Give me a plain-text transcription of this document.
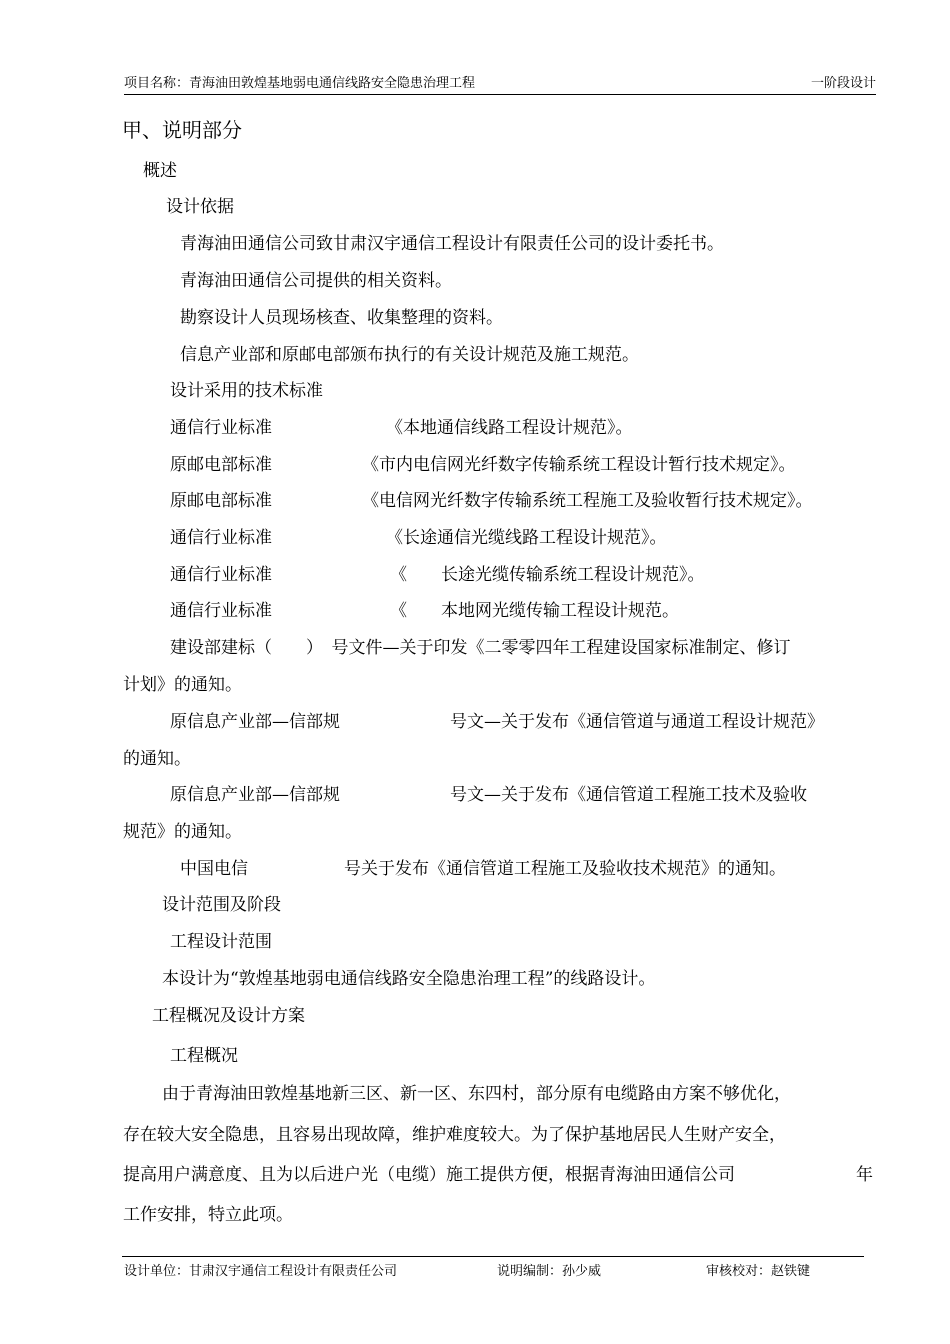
项目名称：青海油田敦煌基地弱电通信线路安全隐患治理工程	一阶段设计
甲、说明部分
概述
设计依据
青海油田通信公司致甘肃汉宇通信工程设计有限责任公司的设计委托书。
青海油田通信公司提供的相关资料。
勘察设计人员现场核查、收集整理的资料。
信息产业部和原邮电部颁布执行的有关设计规范及施工规范。
设计采用的技术标准
通信行业标准	《本地通信线路工程设计规范》。
原邮电部标准	《市内电信网光纤数字传输系统工程设计暂行技术规定》。
原邮电部标准	《电信网光纤数字传输系统工程施工及验收暂行技术规定》。
通信行业标准	《长途通信光缆线路工程设计规范》。
通信行业标准	《　　长途光缆传输系统工程设计规范》。
通信行业标准	《　　本地网光缆传输工程设计规范。
建设部建标（　　）　号文件—关于印发《二零零四年工程建设国家标准制定、修订
计划》的通知。
原信息产业部—信部规	号文—关于发布《通信管道与通道工程设计规范》
的通知。
原信息产业部—信部规	号文—关于发布《通信管道工程施工技术及验收
规范》的通知。
中国电信	号关于发布《通信管道工程施工及验收技术规范》的通知。
设计范围及阶段
工程设计范围
本设计为“敦煌基地弱电通信线路安全隐患治理工程”的线路设计。
工程概况及设计方案
工程概况
由于青海油田敦煌基地新三区、新一区、东四村，部分原有电缆路由方案不够优化，
存在较大安全隐患，且容易出现故障，维护难度较大。为了保护基地居民人生财产安全，
提高用户满意度、且为以后进户光（电缆）施工提供方便，根据青海油田通信公司	年
工作安排，特立此项。
设计单位：甘肃汉宇通信工程设计有限责任公司	说明编制：孙少威	审核校对：赵铁键
